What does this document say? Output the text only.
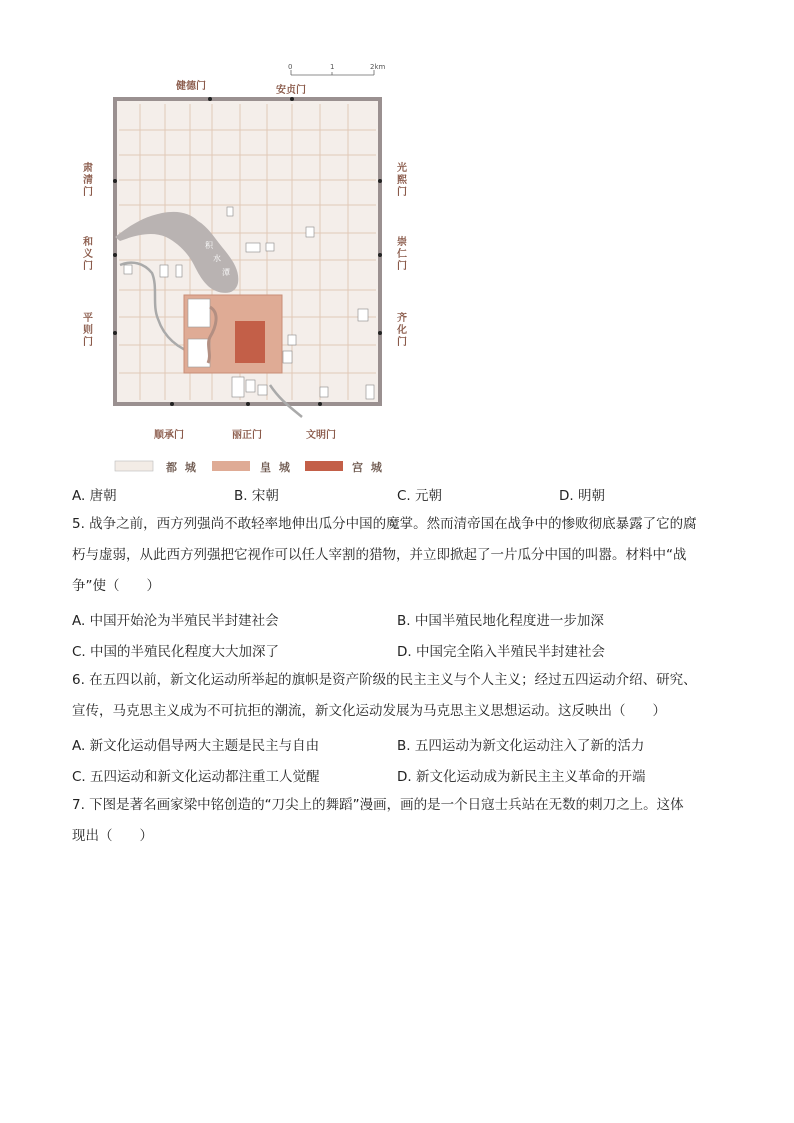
0	1	2km
健德门	安贞门
肃清门
和义门
平则门
光熙门
崇仁门
齐化门
顺承门	丽正门	文明门
积
水
潭
都 城	皇 城	宫 城
A. 唐朝	B. 宋朝	C. 元朝	D. 明朝
5. 战争之前，西方列强尚不敢轻率地伸出瓜分中国的魔掌。然而清帝国在战争中的惨败彻底暴露了它的腐
朽与虚弱，从此西方列强把它视作可以任人宰割的猎物，并立即掀起了一片瓜分中国的叫嚣。材料中“战
争”使（　　）
A. 中国开始沦为半殖民半封建社会	B. 中国半殖民地化程度进一步加深
C. 中国的半殖民化程度大大加深了	D. 中国完全陷入半殖民半封建社会
6. 在五四以前，新文化运动所举起的旗帜是资产阶级的民主主义与个人主义；经过五四运动介绍、研究、
宣传，马克思主义成为不可抗拒的潮流，新文化运动发展为马克思主义思想运动。这反映出（　　）
A. 新文化运动倡导两大主题是民主与自由	B. 五四运动为新文化运动注入了新的活力
C. 五四运动和新文化运动都注重工人觉醒	D. 新文化运动成为新民主主义革命的开端
7. 下图是著名画家梁中铭创造的“刀尖上的舞蹈”漫画，画的是一个日寇士兵站在无数的刺刀之上。这体
现出（　　）
